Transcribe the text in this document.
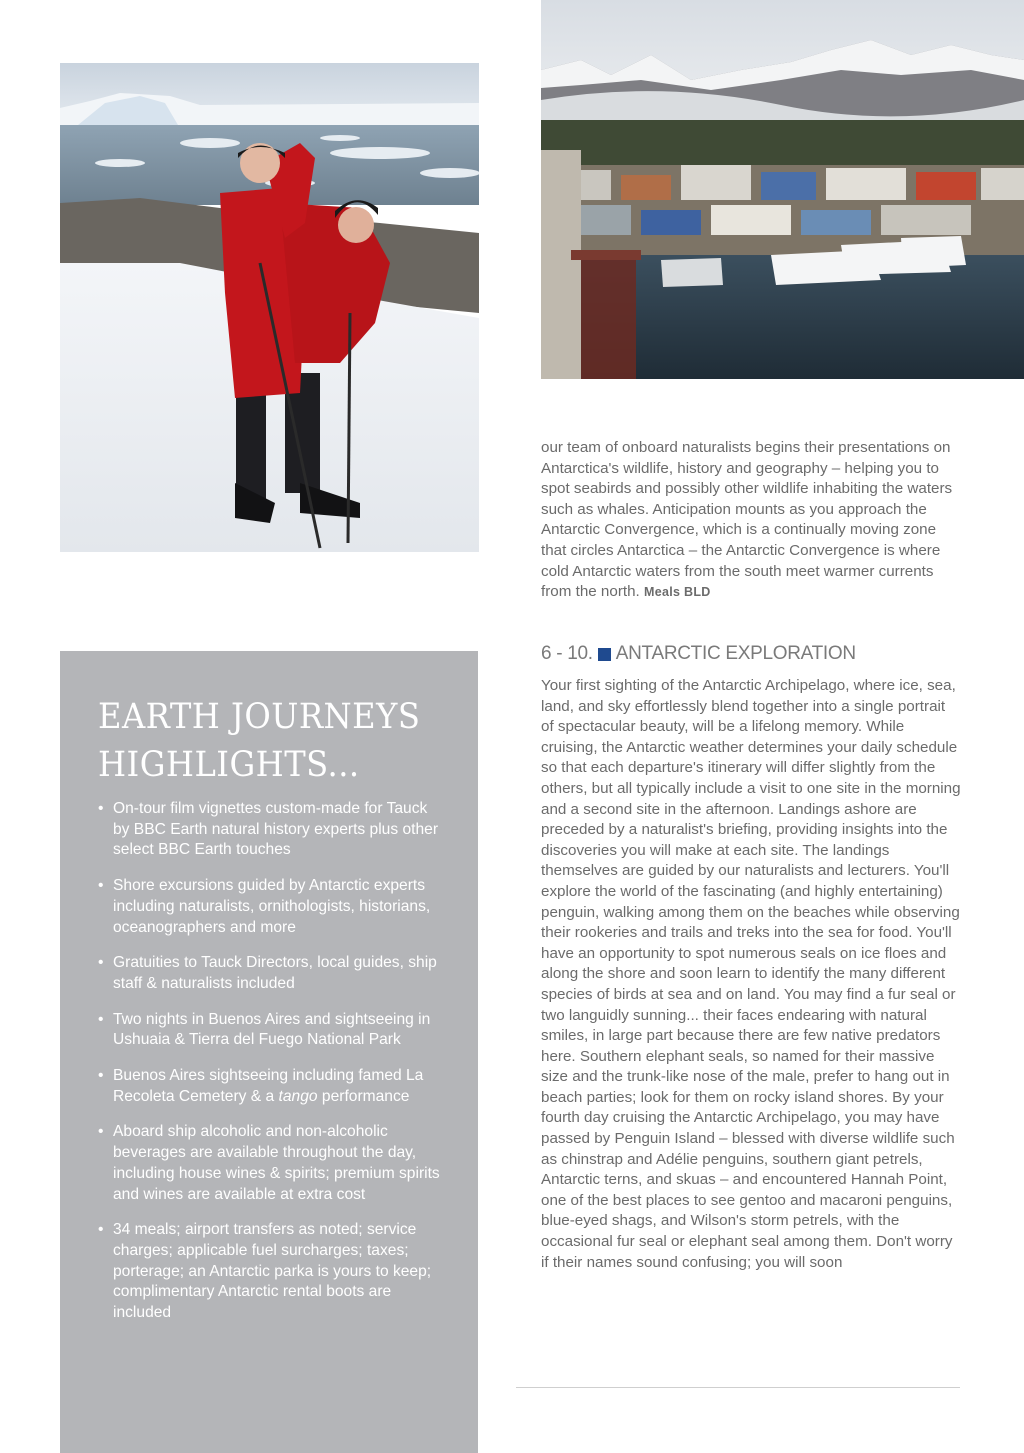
our team of onboard naturalists begins their presentations on Antarctica's wildlife, history and geography – helping you to spot seabirds and possibly other wildlife inhabiting the waters such as whales. Anticipation mounts as you approach the Antarctic Convergence, which is a continually moving zone that circles Antarctica – the Antarctic Convergence is where cold Antarctic waters from the south meet warmer currents from the north. Meals BLD

6 - 10. ANTARCTIC EXPLORATION

Your first sighting of the Antarctic Archipelago, where ice, sea, land, and sky effortlessly blend together into a single portrait of spectacular beauty, will be a lifelong memory. While cruising, the Antarctic weather determines your daily schedule so that each departure's itinerary will differ slightly from the others, but all typically include a visit to one site in the morning and a second site in the afternoon. Landings ashore are preceded by a naturalist's briefing, providing insights into the discoveries you will make at each site. The landings themselves are guided by our naturalists and lecturers. You'll explore the world of the fascinating (and highly entertaining) penguin, walking among them on the beaches while observing their rookeries and trails and treks into the sea for food. You'll have an opportunity to spot numerous seals on ice floes and along the shore and soon learn to identify the many different species of birds at sea and on land. You may find a fur seal or two languidly sunning... their faces endearing with natural smiles, in large part because there are few native predators here. Southern elephant seals, so named for their massive size and the trunk-like nose of the male, prefer to hang out in beach parties; look for them on rocky island shores. By your fourth day cruising the Antarctic Archipelago, you may have passed by Penguin Island – blessed with diverse wildlife such as chinstrap and Adélie penguins, southern giant petrels, Antarctic terns, and skuas – and encountered Hannah Point, one of the best places to see gentoo and macaroni penguins, blue-eyed shags, and Wilson's storm petrels, with the occasional fur seal or elephant seal among them. Don't worry if their names sound confusing; you will soon

EARTH JOURNEYS
HIGHLIGHTS...
• On-tour film vignettes custom-made for Tauck by BBC Earth natural history experts plus other select BBC Earth touches
• Shore excursions guided by Antarctic experts including naturalists, ornithologists, historians, oceanographers and more
• Gratuities to Tauck Directors, local guides, ship staff & naturalists included
• Two nights in Buenos Aires and sightseeing in Ushuaia & Tierra del Fuego National Park
• Buenos Aires sightseeing including famed La Recoleta Cemetery & a tango performance
• Aboard ship alcoholic and non-alcoholic beverages are available throughout the day, including house wines & spirits; premium spirits and wines are available at extra cost
• 34 meals; airport transfers as noted; service charges; applicable fuel surcharges; taxes; porterage; an Antarctic parka is yours to keep; complimentary Antarctic rental boots are included
